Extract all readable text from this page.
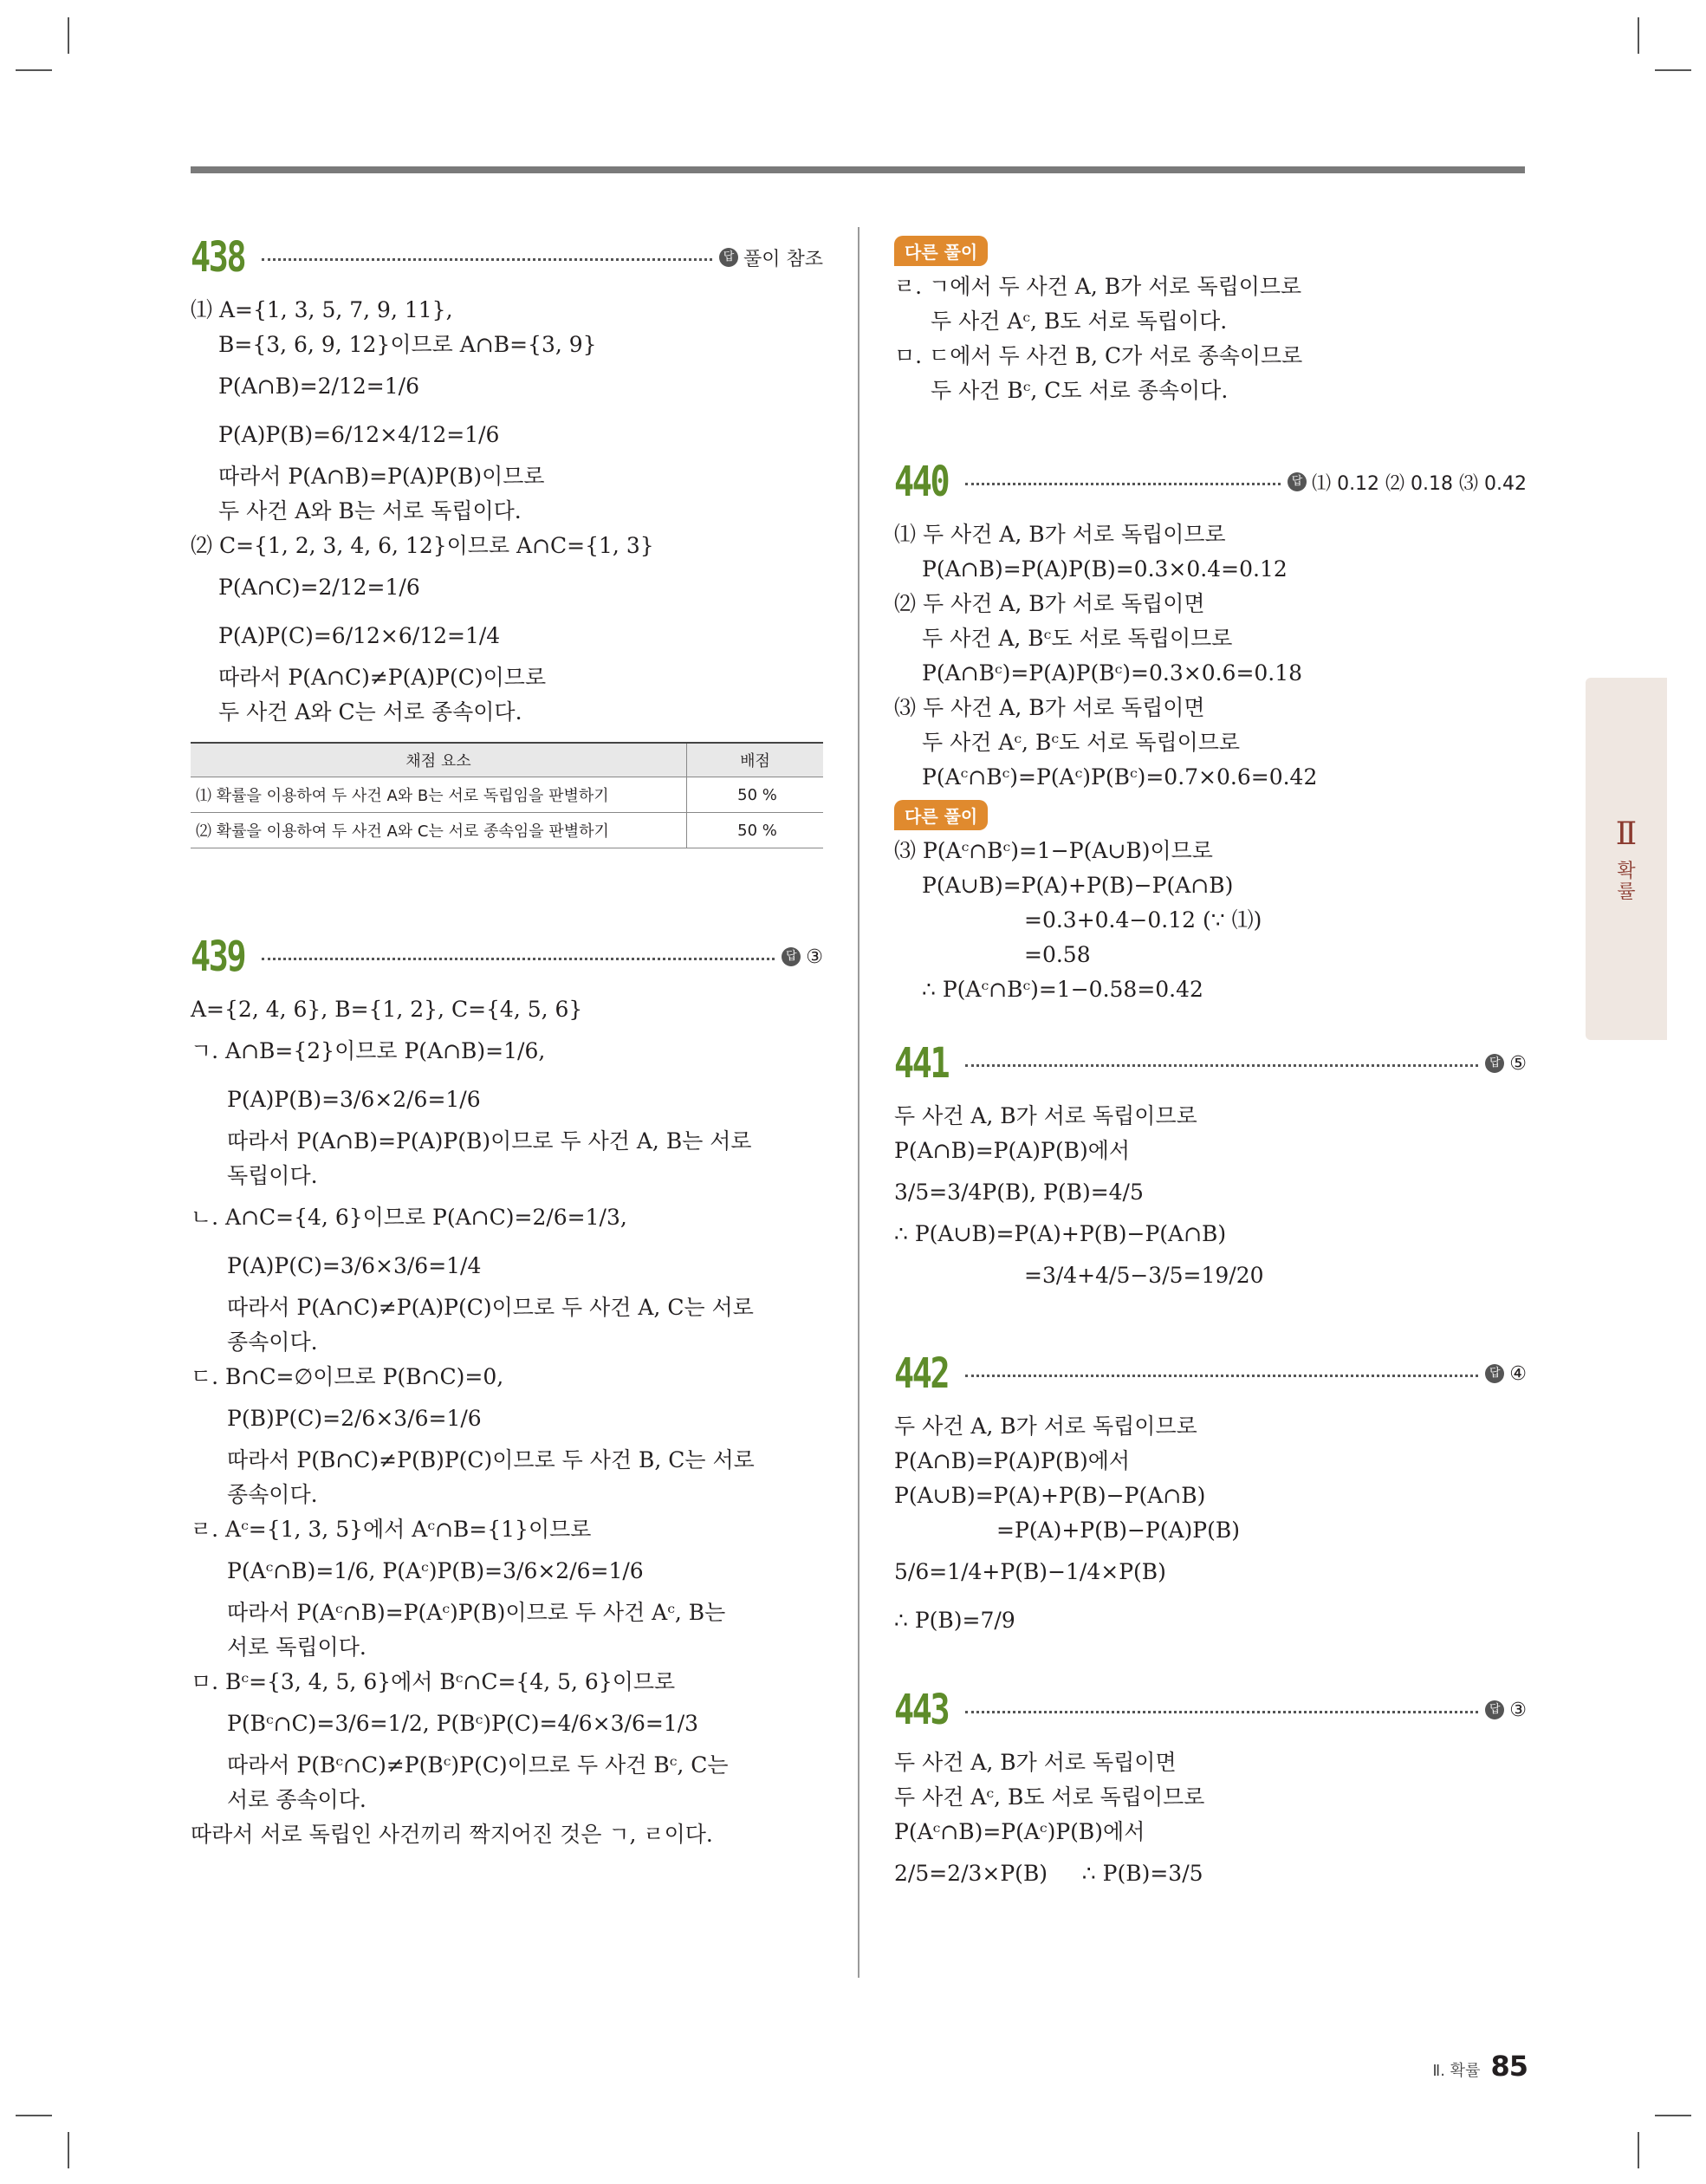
438	답 풀이 참조
⑴ A={1, 3, 5, 7, 9, 11},
B={3, 6, 9, 12}이므로 A∩B={3, 9}
P(A∩B)=2/12=1/6
P(A)P(B)=6/12×4/12=1/6
따라서 P(A∩B)=P(A)P(B)이므로
두 사건 A와 B는 서로 독립이다.
⑵ C={1, 2, 3, 4, 6, 12}이므로 A∩C={1, 3}
P(A∩C)=2/12=1/6
P(A)P(C)=6/12×6/12=1/4
따라서 P(A∩C)≠P(A)P(C)이므로
두 사건 A와 C는 서로 종속이다.
채점 요소	배점
⑴ 확률을 이용하여 두 사건 A와 B는 서로 독립임을 판별하기	50 %
⑵ 확률을 이용하여 두 사건 A와 C는 서로 종속임을 판별하기	50 %
439	답 ③
A={2, 4, 6}, B={1, 2}, C={4, 5, 6}
ㄱ. A∩B={2}이므로 P(A∩B)=1/6,
P(A)P(B)=3/6×2/6=1/6
따라서 P(A∩B)=P(A)P(B)이므로 두 사건 A, B는 서로
독립이다.
ㄴ. A∩C={4, 6}이므로 P(A∩C)=2/6=1/3,
P(A)P(C)=3/6×3/6=1/4
따라서 P(A∩C)≠P(A)P(C)이므로 두 사건 A, C는 서로
종속이다.
ㄷ. B∩C=∅이므로 P(B∩C)=0,
P(B)P(C)=2/6×3/6=1/6
따라서 P(B∩C)≠P(B)P(C)이므로 두 사건 B, C는 서로
종속이다.
ㄹ. Aᶜ={1, 3, 5}에서 Aᶜ∩B={1}이므로
P(Aᶜ∩B)=1/6, P(Aᶜ)P(B)=3/6×2/6=1/6
따라서 P(Aᶜ∩B)=P(Aᶜ)P(B)이므로 두 사건 Aᶜ, B는
서로 독립이다.
ㅁ. Bᶜ={3, 4, 5, 6}에서 Bᶜ∩C={4, 5, 6}이므로
P(Bᶜ∩C)=3/6=1/2, P(Bᶜ)P(C)=4/6×3/6=1/3
따라서 P(Bᶜ∩C)≠P(Bᶜ)P(C)이므로 두 사건 Bᶜ, C는
서로 종속이다.
따라서 서로 독립인 사건끼리 짝지어진 것은 ㄱ, ㄹ이다.
다른 풀이
ㄹ. ㄱ에서 두 사건 A, B가 서로 독립이므로
두 사건 Aᶜ, B도 서로 독립이다.
ㅁ. ㄷ에서 두 사건 B, C가 서로 종속이므로
두 사건 Bᶜ, C도 서로 종속이다.
440	답 ⑴ 0.12 ⑵ 0.18 ⑶ 0.42
⑴ 두 사건 A, B가 서로 독립이므로
P(A∩B)=P(A)P(B)=0.3×0.4=0.12
⑵ 두 사건 A, B가 서로 독립이면
두 사건 A, Bᶜ도 서로 독립이므로
P(A∩Bᶜ)=P(A)P(Bᶜ)=0.3×0.6=0.18
⑶ 두 사건 A, B가 서로 독립이면
두 사건 Aᶜ, Bᶜ도 서로 독립이므로
P(Aᶜ∩Bᶜ)=P(Aᶜ)P(Bᶜ)=0.7×0.6=0.42
다른 풀이
⑶ P(Aᶜ∩Bᶜ)=1−P(A∪B)이므로
P(A∪B)=P(A)+P(B)−P(A∩B)
=0.3+0.4−0.12 (∵ ⑴)
=0.58
∴ P(Aᶜ∩Bᶜ)=1−0.58=0.42
441	답 ⑤
두 사건 A, B가 서로 독립이므로
P(A∩B)=P(A)P(B)에서
3/5=3/4P(B), P(B)=4/5
∴ P(A∪B)=P(A)+P(B)−P(A∩B)
=3/4+4/5−3/5=19/20
442	답 ④
두 사건 A, B가 서로 독립이므로
P(A∩B)=P(A)P(B)에서
P(A∪B)=P(A)+P(B)−P(A∩B)
=P(A)+P(B)−P(A)P(B)
5/6=1/4+P(B)−1/4×P(B)
∴ P(B)=7/9
443	답 ③
두 사건 A, B가 서로 독립이면
두 사건 Aᶜ, B도 서로 독립이므로
P(Aᶜ∩B)=P(Aᶜ)P(B)에서
2/5=2/3×P(B)     ∴ P(B)=3/5
Ⅱ
확
률
Ⅱ. 확률 85
